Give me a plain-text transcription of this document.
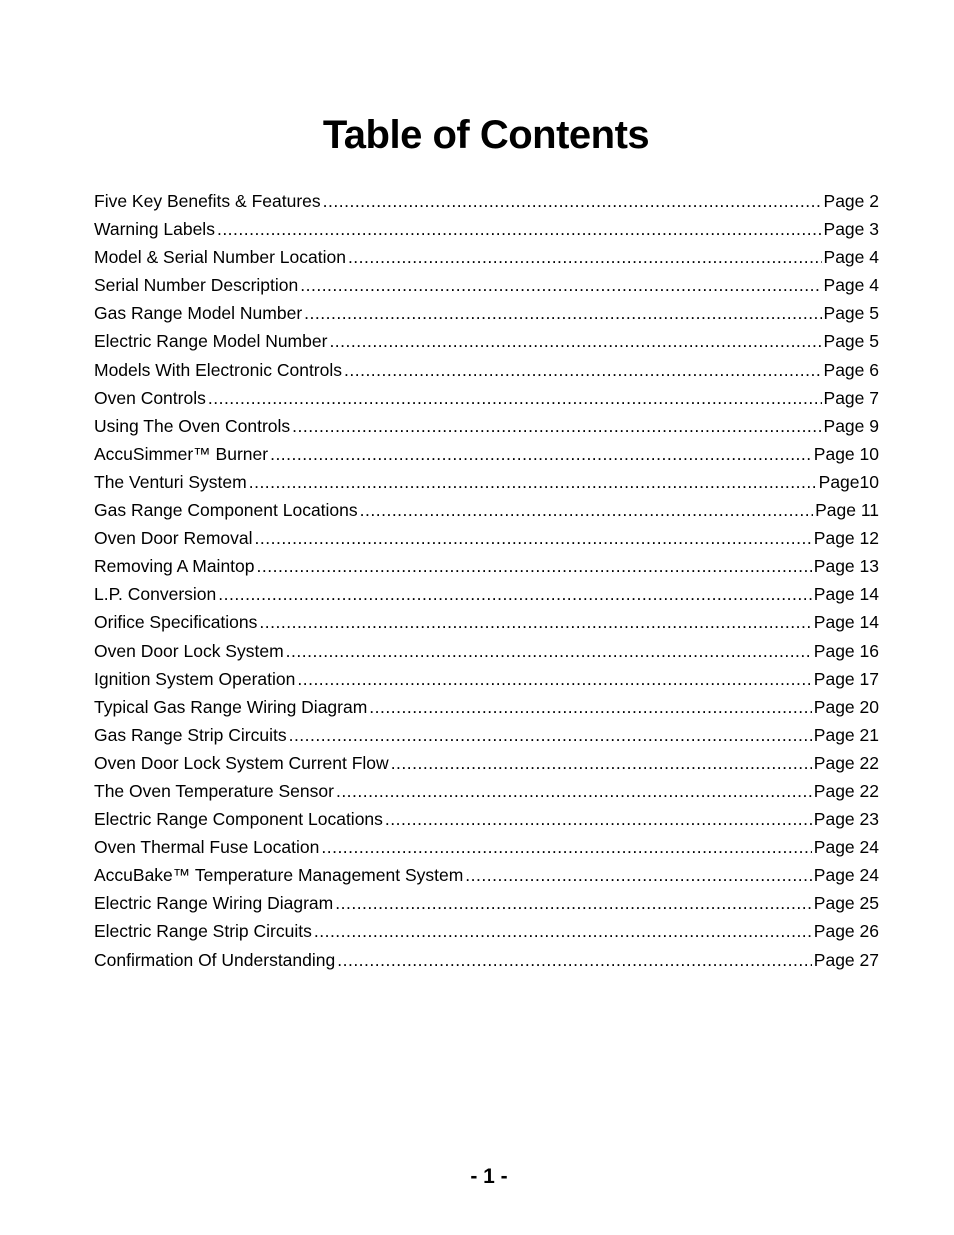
Table of Contents
Five Key Benefits & Features .....	Page 2
Warning Labels .....	Page 3
Model & Serial Number Location .....	Page 4
Serial Number Description .....	Page 4
Gas Range Model Number .....	Page 5
Electric Range Model Number .....	Page 5
Models With Electronic Controls .....	Page 6
Oven Controls .....	Page 7
Using The Oven Controls .....	Page 9
AccuSimmer™ Burner .....	Page 10
The Venturi System .....	Page10
Gas Range Component Locations .....	Page 11
Oven Door Removal .....	Page 12
Removing A Maintop .....	Page 13
L.P. Conversion .....	Page 14
Orifice Specifications .....	Page 14
Oven Door Lock System .....	Page 16
Ignition System Operation .....	Page 17
Typical Gas Range Wiring Diagram .....	Page 20
Gas Range Strip Circuits .....	Page 21
Oven Door Lock System Current Flow .....	Page 22
The Oven Temperature Sensor .....	Page 22
Electric Range Component Locations .....	Page 23
Oven Thermal Fuse Location .....	Page 24
AccuBake™ Temperature Management System .....	Page 24
Electric Range Wiring Diagram .....	Page 25
Electric Range Strip Circuits .....	Page 26
Confirmation Of Understanding .....	Page 27
- 1 -
